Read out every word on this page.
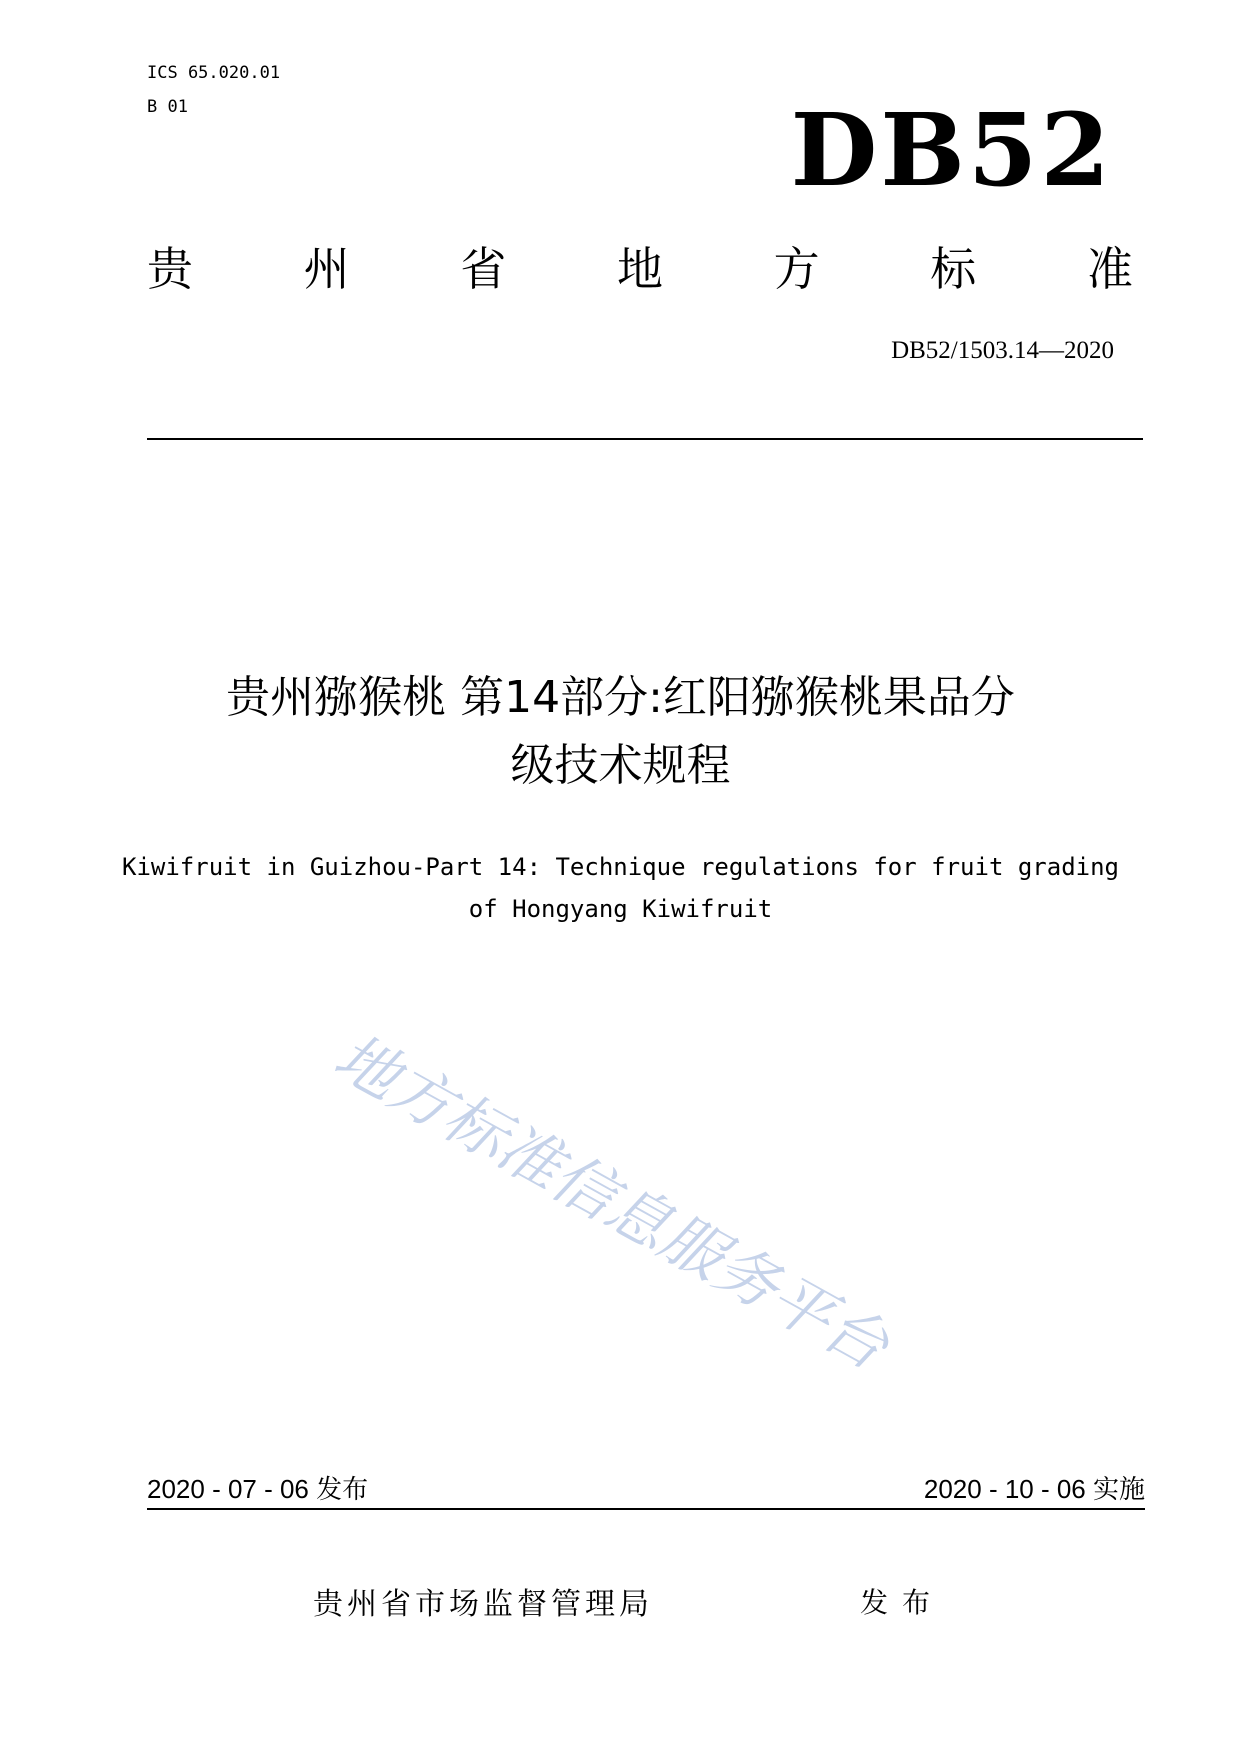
ICS 65.020.01
B 01	DB52
贵 州 省 地 方 标 准
DB52/1503.14—2020
贵州猕猴桃 第14部分:红阳猕猴桃果品分
级技术规程
Kiwifruit in Guizhou-Part 14: Technique regulations for fruit grading
of Hongyang Kiwifruit
地方标准信息服务平台
2020 - 07 - 06 发布	2020 - 10 - 06 实施
贵州省市场监督管理局	发布
